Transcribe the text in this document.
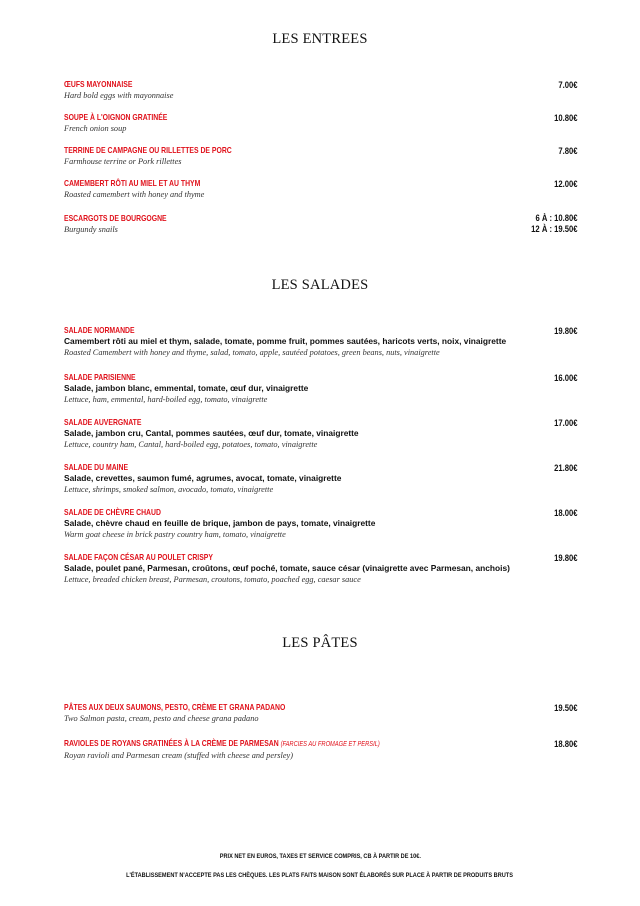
LES ENTREES
ŒUFS MAYONNAISE
Hard bold eggs with mayonnaise
7.00€
SOUPE À L'OIGNON GRATINÉE
French onion soup
10.80€
TERRINE DE CAMPAGNE OU RILLETTES DE PORC
Farmhouse terrine or Pork rillettes
7.80€
CAMEMBERT RÔTI AU MIEL ET AU THYM
Roasted camembert with honey and thyme
12.00€
ESCARGOTS DE BOURGOGNE
Burgundy snails
6 À : 10.80€
12 À : 19.50€
LES SALADES
SALADE NORMANDE
Camembert rôti au miel et thym, salade, tomate, pomme fruit, pommes sautées, haricots verts, noix, vinaigrette
Roasted Camembert with honey and thyme, salad, tomato, apple, sautéed potatoes, green beans, nuts, vinaigrette
19.80€
SALADE PARISIENNE
Salade, jambon blanc, emmental, tomate, œuf dur, vinaigrette
Lettuce, ham, emmental, hard-boiled egg, tomato, vinaigrette
16.00€
SALADE AUVERGNATE
Salade, jambon cru, Cantal, pommes sautées, œuf dur, tomate, vinaigrette
Lettuce, country ham, Cantal, hard-boiled egg, potatoes, tomato, vinaigrette
17.00€
SALADE DU MAINE
Salade, crevettes, saumon fumé, agrumes, avocat, tomate, vinaigrette
Lettuce, shrimps, smoked salmon, avocado, tomato, vinaigrette
21.80€
SALADE DE CHÈVRE CHAUD
Salade, chèvre chaud en feuille de brique, jambon de pays, tomate, vinaigrette
Warm goat cheese in brick pastry country ham, tomato, vinaigrette
18.00€
SALADE FAÇON CÉSAR AU POULET CRISPY
Salade, poulet pané, Parmesan, croûtons, œuf poché, tomate, sauce césar (vinaigrette avec Parmesan, anchois)
Lettuce, breaded chicken breast, Parmesan, croutons, tomato, poached egg, caesar sauce
19.80€
LES PÂTES
PÂTES AUX DEUX SAUMONS, PESTO, CRÈME ET GRANA PADANO
Two Salmon pasta, cream, pesto and cheese grana padano
19.50€
RAVIOLES DE ROYANS GRATINÉES À LA CRÈME DE PARMESAN (FARCIES AU FROMAGE ET PERSIL)
Royan ravioli and Parmesan cream (stuffed with cheese and persley)
18.80€
PRIX NET EN EUROS, TAXES ET SERVICE COMPRIS, CB À PARTIR DE 10€.
L'ÉTABLISSEMENT N'ACCEPTE PAS LES CHÈQUES. LES PLATS FAITS MAISON SONT ÉLABORÉS SUR PLACE À PARTIR DE PRODUITS BRUTS
